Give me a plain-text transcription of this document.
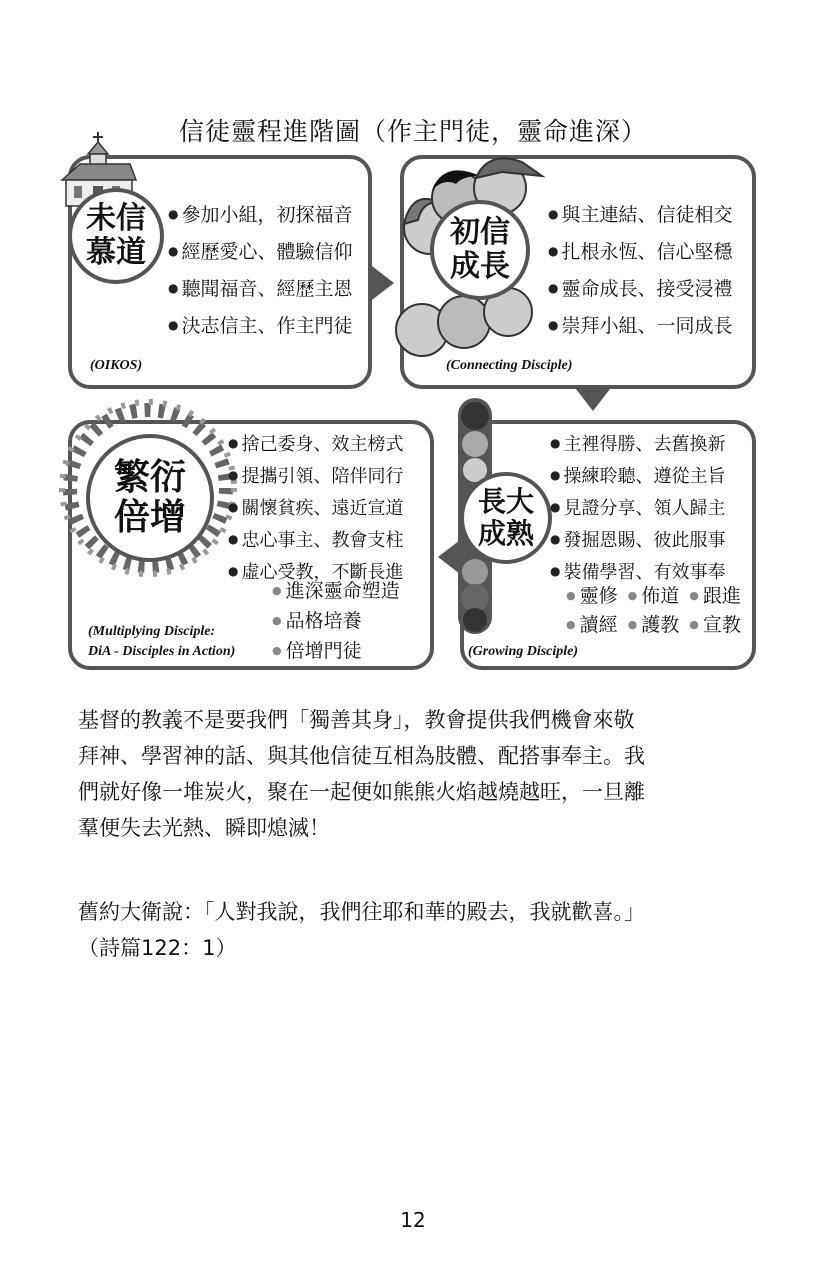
信徒靈程進階圖（作主門徒，靈命進深）
未信
慕道
● 參加小組，初探福音
● 經歷愛心、體驗信仰
● 聽聞福音、經歷主恩
● 決志信主、作主門徒
(OIKOS)
初信
成長
● 與主連結、信徒相交
● 扎根永恆、信心堅穩
● 靈命成長、接受浸禮
● 崇拜小組、一同成長
(Connecting Disciple)
長大
成熟
● 主裡得勝、去舊換新
● 操練聆聽、遵從主旨
● 見證分享、領人歸主
● 發掘恩賜、彼此服事
● 裝備學習、有效事奉
● 靈修	● 佈道	● 跟進
● 讀經	● 護教	● 宣教
(Growing Disciple)
繁衍
倍增
● 捨己委身、效主榜式
● 提攜引領、陪伴同行
● 關懷貧疾、遠近宣道
● 忠心事主、教會支柱
● 虛心受教，不斷長進
● 進深靈命塑造
● 品格培養
● 倍增門徒
(Multiplying Disciple:
DiA - Disciples in Action)
基督的教義不是要我們「獨善其身」，教會提供我們機會來敬
拜神、學習神的話、與其他信徒互相為肢體、配搭事奉主。我
們就好像一堆炭火，聚在一起便如熊熊火焰越燒越旺，一旦離
羣便失去光熱、瞬即熄滅！
舊約大衛說：「人對我說，我們往耶和華的殿去，我就歡喜。」
（詩篇122：1）
12
